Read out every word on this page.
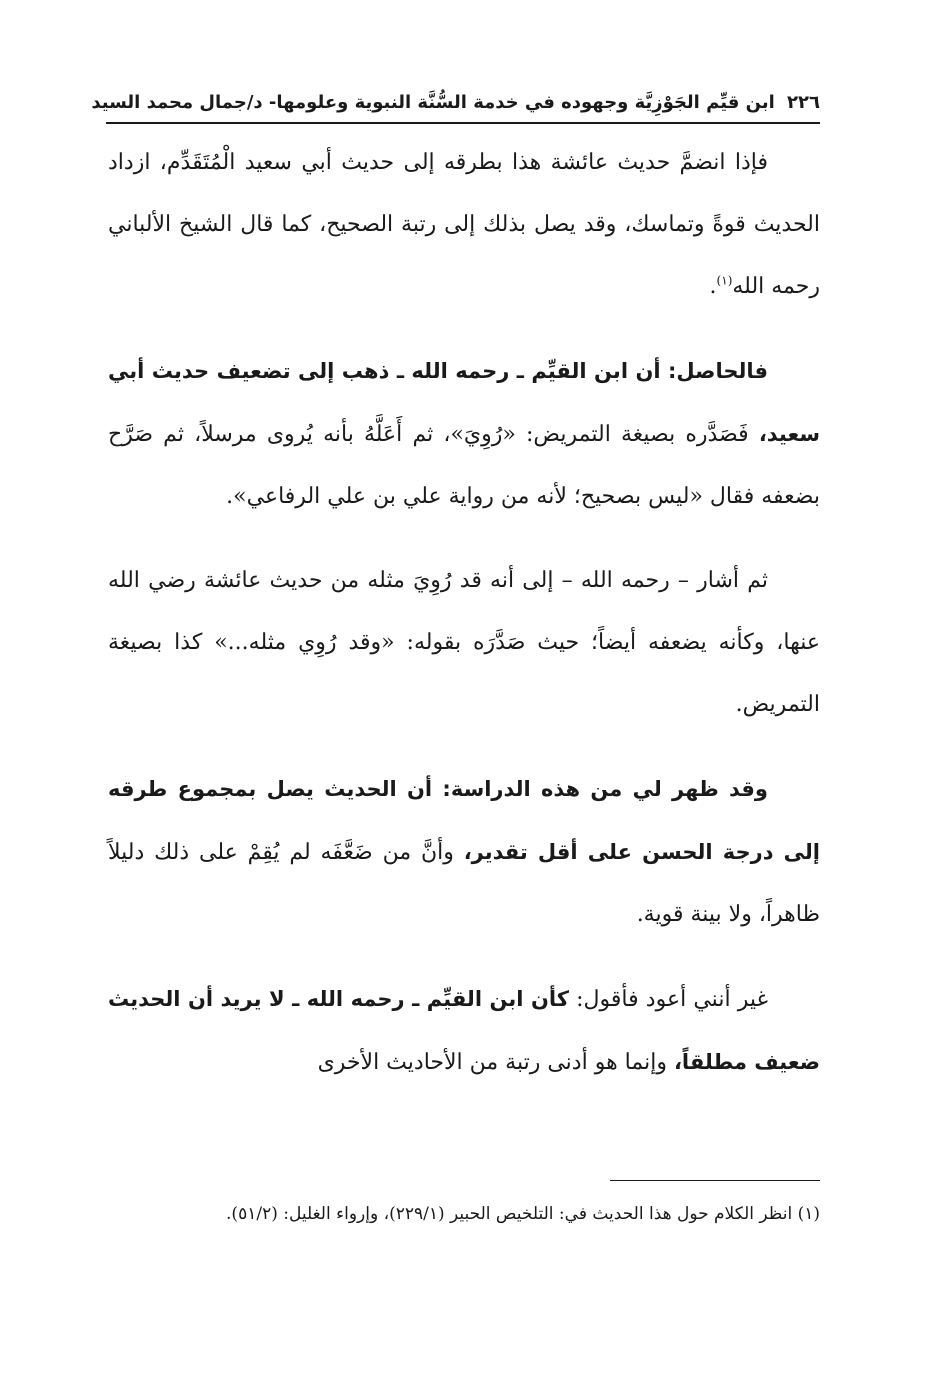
٢٢٦ ابن قيِّم الجَوْزِيَّة وجهوده في خدمة السُّنَّة النبوية وعلومها- د/جمال محمد السيد

فإذا انضمَّ حديث عائشة هذا بطرقه إلى حديث أبي سعيد الْمُتَقَدِّم، ازداد الحديث قوةً وتماسك، وقد يصل بذلك إلى رتبة الصحيح، كما قال الشيخ الألباني رحمه الله$^{(١)}$.

فالحاصل: أن ابن القيِّم ـ رحمه الله ـ ذهب إلى تضعيف حديث أبي سعيد، فَصَدَّره بصيغة التمريض: «رُوِيَ»، ثم أَعَلَّهُ بأنه يُروى مرسلاً، ثم صَرَّح بضعفه فقال «ليس بصحيح؛ لأنه من رواية علي بن علي الرفاعي».

ثم أشار – رحمه الله – إلى أنه قد رُوِيَ مثله من حديث عائشة رضي الله عنها، وكأنه يضعفه أيضاً؛ حيث صَدَّرَه بقوله: «وقد رُوِي مثله...» كذا بصيغة التمريض.

وقد ظهر لي من هذه الدراسة: أن الحديث يصل بمجموع طرقه إلى درجة الحسن على أقل تقدير، وأنَّ من ضَعَّفَه لم يُقِمْ على ذلك دليلاً ظاهراً، ولا بينة قوية.

غير أنني أعود فأقول: كأن ابن القيِّم ـ رحمه الله ـ لا يريد أن الحديث ضعيف مطلقاً، وإنما هو أدنى رتبة من الأحاديث الأخرى

(١) انظر الكلام حول هذا الحديث في: التلخيص الحبير (٢٢٩/١)، وإرواء الغليل: (٥١/٢).
